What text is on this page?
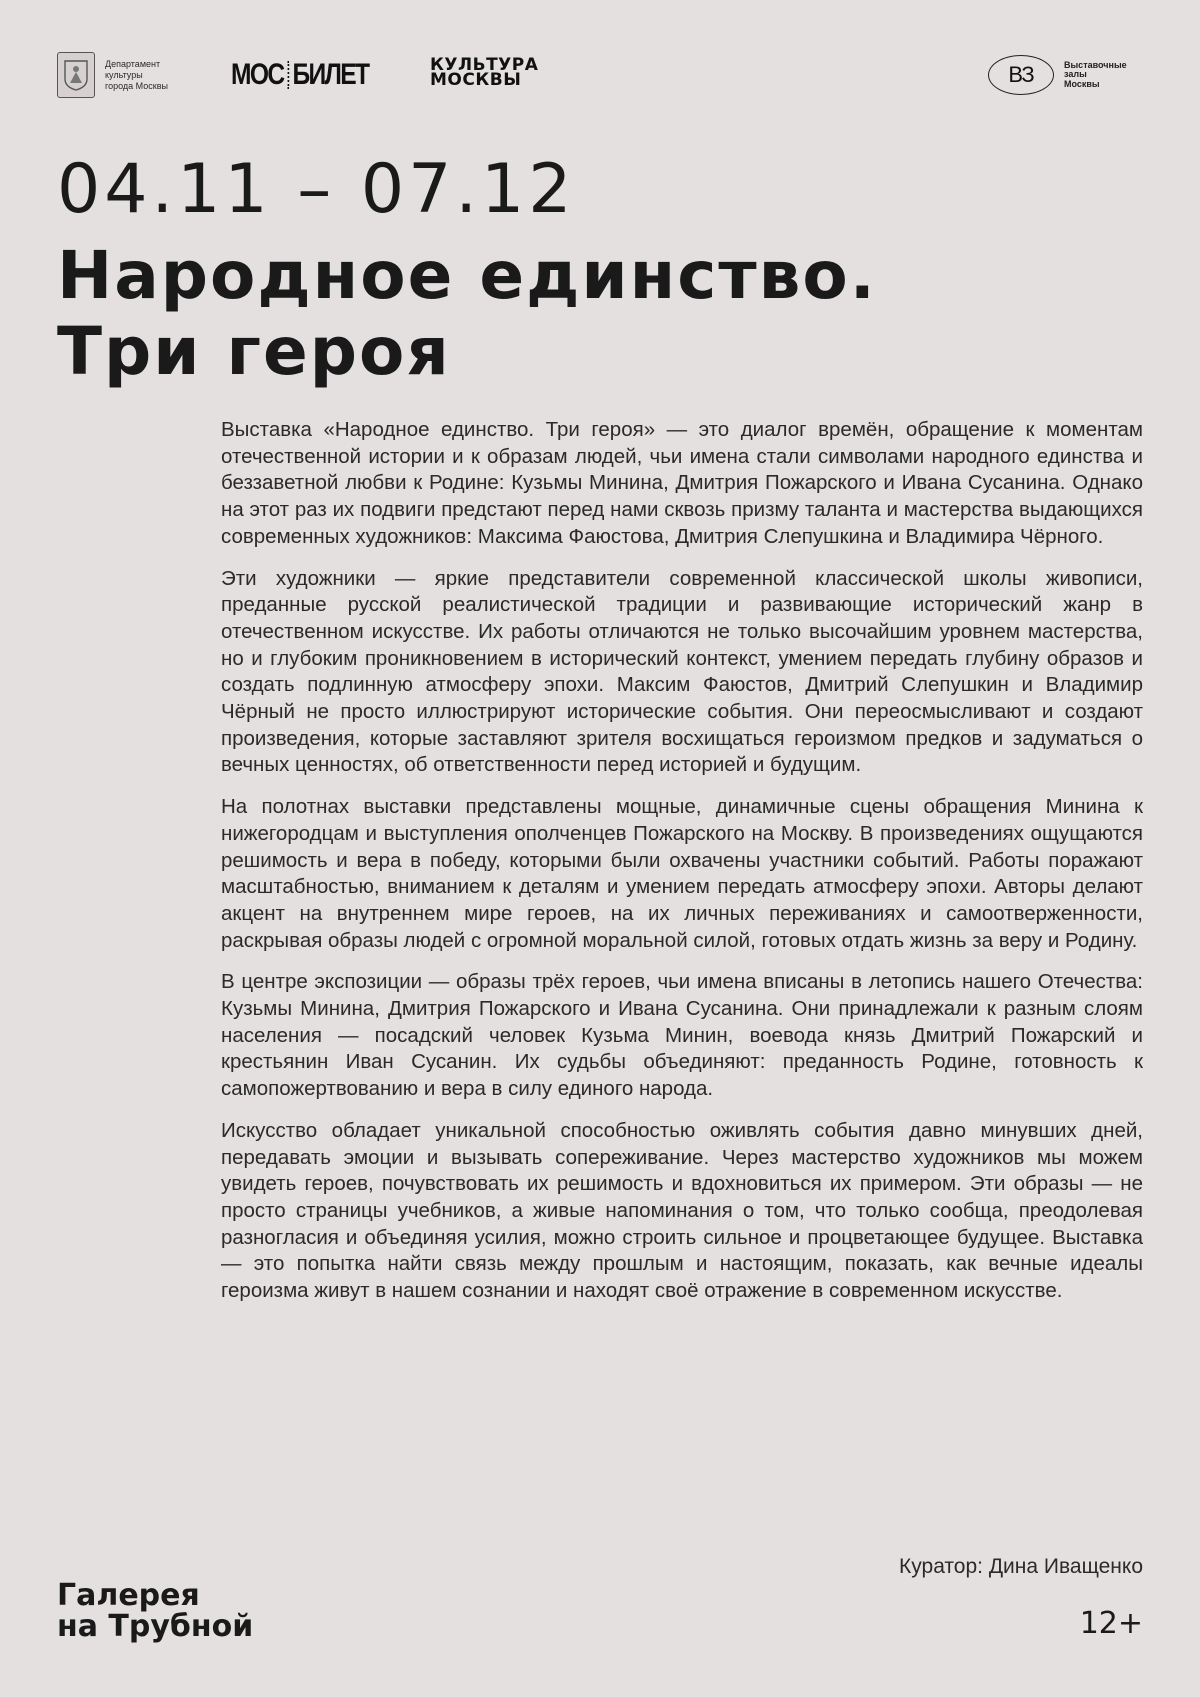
Департамент
культуры
города Москвы МОС БИЛЕТ	КУЛЬТУРА
МОСКВЫ	ВЗ	Выставочные
залы
Москвы
04.11 – 07.12
Народное единство.
Три героя

Выставка «Народное единство. Три героя» — это диалог времён, обращение к моментам отечественной истории и к образам людей, чьи имена стали символами народного единства и беззаветной любви к Родине: Кузьмы Минина, Дмитрия Пожарского и Ивана Сусанина. Однако на этот раз их подвиги предстают перед нами сквозь призму таланта и мастерства выдающихся современных художников: Максима Фаюстова, Дмитрия Слепушкина и Владимира Чёрного.

Эти художники — яркие представители современной классической школы живописи, преданные русской реалистической традиции и развивающие исторический жанр в отечественном искусстве. Их работы отличаются не только высочайшим уровнем мастерства, но и глубоким проникновением в исторический контекст, умением передать глубину образов и создать подлинную атмосферу эпохи. Максим Фаюстов, Дмитрий Слепушкин и Владимир Чёрный не просто иллюстрируют исторические события. Они переосмысливают и создают произведения, которые заставляют зрителя восхищаться героизмом предков и задуматься о вечных ценностях, об ответственности перед историей и будущим.

На полотнах выставки представлены мощные, динамичные сцены обращения Минина к нижегородцам и выступления ополченцев Пожарского на Москву. В произведениях ощущаются решимость и вера в победу, которыми были охвачены участники событий. Работы поражают масштабностью, вниманием к деталям и умением передать атмосферу эпохи. Авторы делают акцент на внутреннем мире героев, на их личных переживаниях и самоотверженности, раскрывая образы людей с огромной моральной силой, готовых отдать жизнь за веру и Родину.

В центре экспозиции — образы трёх героев, чьи имена вписаны в летопись нашего Отечества: Кузьмы Минина, Дмитрия Пожарского и Ивана Сусанина. Они принадлежали к разным слоям населения — посадский человек Кузьма Минин, воевода князь Дмитрий Пожарский и крестьянин Иван Сусанин. Их судьбы объединяют: преданность Родине, готовность к самопожертвованию и вера в силу единого народа.

Искусство обладает уникальной способностью оживлять события давно минувших дней, передавать эмоции и вызывать сопереживание. Через мастерство художников мы можем увидеть героев, почувствовать их решимость и вдохновиться их примером. Эти образы — не просто страницы учебников, а живые напоминания о том, что только сообща, преодолевая разногласия и объединяя усилия, можно строить сильное и процветающее будущее. Выставка — это попытка найти связь между прошлым и настоящим, показать, как вечные идеалы героизма живут в нашем сознании и находят своё отражение в современном искусстве.

Куратор: Дина Иващенко
Галерея
на Трубной	12+
